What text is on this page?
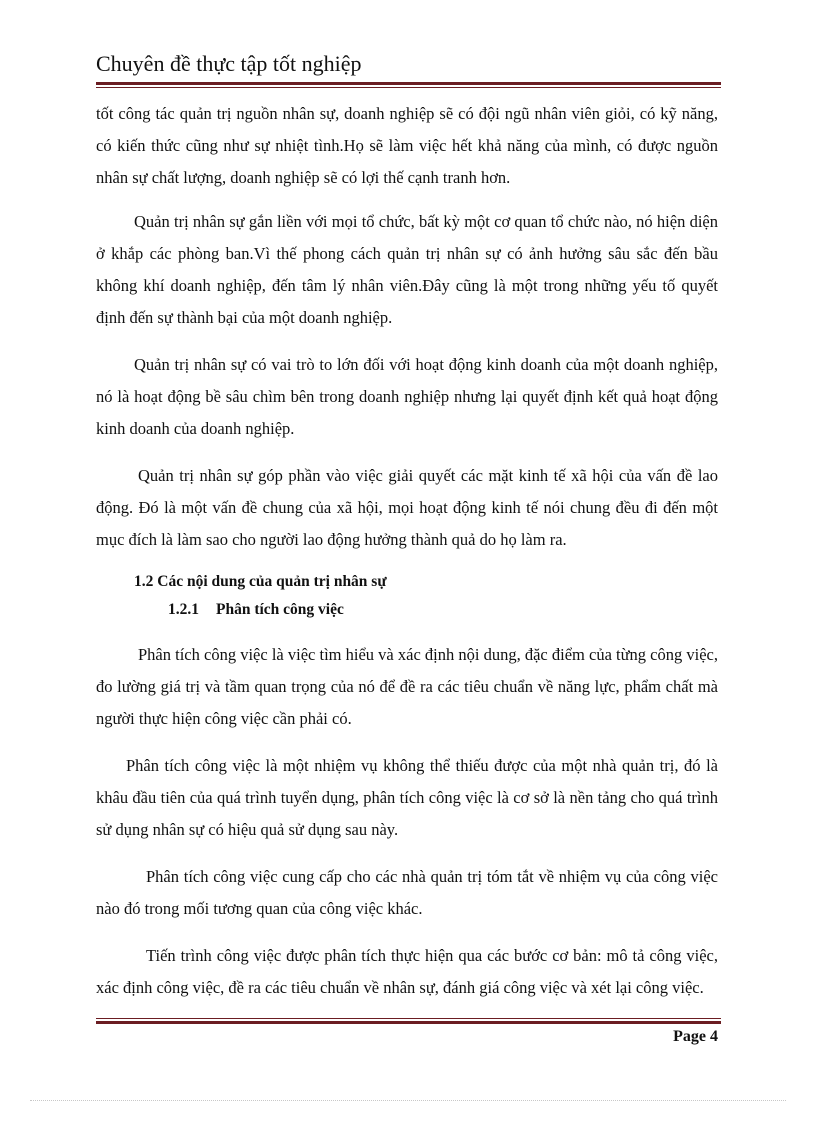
Chuyên đề thực tập tốt nghiệp

tốt công tác quản trị nguồn nhân sự, doanh nghiệp sẽ có đội ngũ nhân viên giỏi, có kỹ năng, có kiến thức cũng như sự nhiệt tình.Họ sẽ làm việc hết khả năng của mình, có được nguồn nhân sự chất lượng, doanh nghiệp sẽ có lợi thế cạnh tranh hơn.

Quản trị nhân sự gắn liền với mọi tổ chức, bất kỳ một cơ quan tổ chức nào, nó hiện diện ở khắp các phòng ban.Vì thế phong cách quản trị nhân sự có ảnh hưởng sâu sắc đến bầu không khí doanh nghiệp, đến tâm lý nhân viên.Đây cũng là một trong những yếu tố quyết định đến sự thành bại của một doanh nghiệp.

Quản trị nhân sự có vai trò to lớn đối với hoạt động kinh doanh của một doanh nghiệp, nó là hoạt động bề sâu chìm bên trong doanh nghiệp nhưng lại quyết định kết quả hoạt động kinh doanh của doanh nghiệp.

Quản trị nhân sự góp phần vào việc giải quyết các mặt kinh tế xã hội của vấn đề lao động. Đó là một vấn đề chung của xã hội, mọi hoạt động kinh tế nói chung đều đi đến một mục đích là làm sao cho người lao động hưởng thành quả do họ làm ra.

1.2 Các nội dung của quản trị nhân sự
1.2.1 Phân tích công việc

Phân tích công việc là việc tìm hiểu và xác định nội dung, đặc điểm của từng công việc, đo lường giá trị và tầm quan trọng của nó để đề ra các tiêu chuẩn về năng lực, phẩm chất mà người thực hiện công việc cần phải có.

Phân tích công việc là một nhiệm vụ không thể thiếu được của một nhà quản trị, đó là khâu đầu tiên của quá trình tuyển dụng, phân tích công việc là cơ sở là nền tảng cho quá trình sử dụng nhân sự có hiệu quả sử dụng sau này.

Phân tích công việc cung cấp cho các nhà quản trị tóm tắt về nhiệm vụ của công việc nào đó trong mối tương quan của công việc khác.

Tiến trình công việc được phân tích thực hiện qua các bước cơ bản: mô tả công việc, xác định công việc, đề ra các tiêu chuẩn về nhân sự, đánh giá công việc và xét lại công việc.

Page 4
